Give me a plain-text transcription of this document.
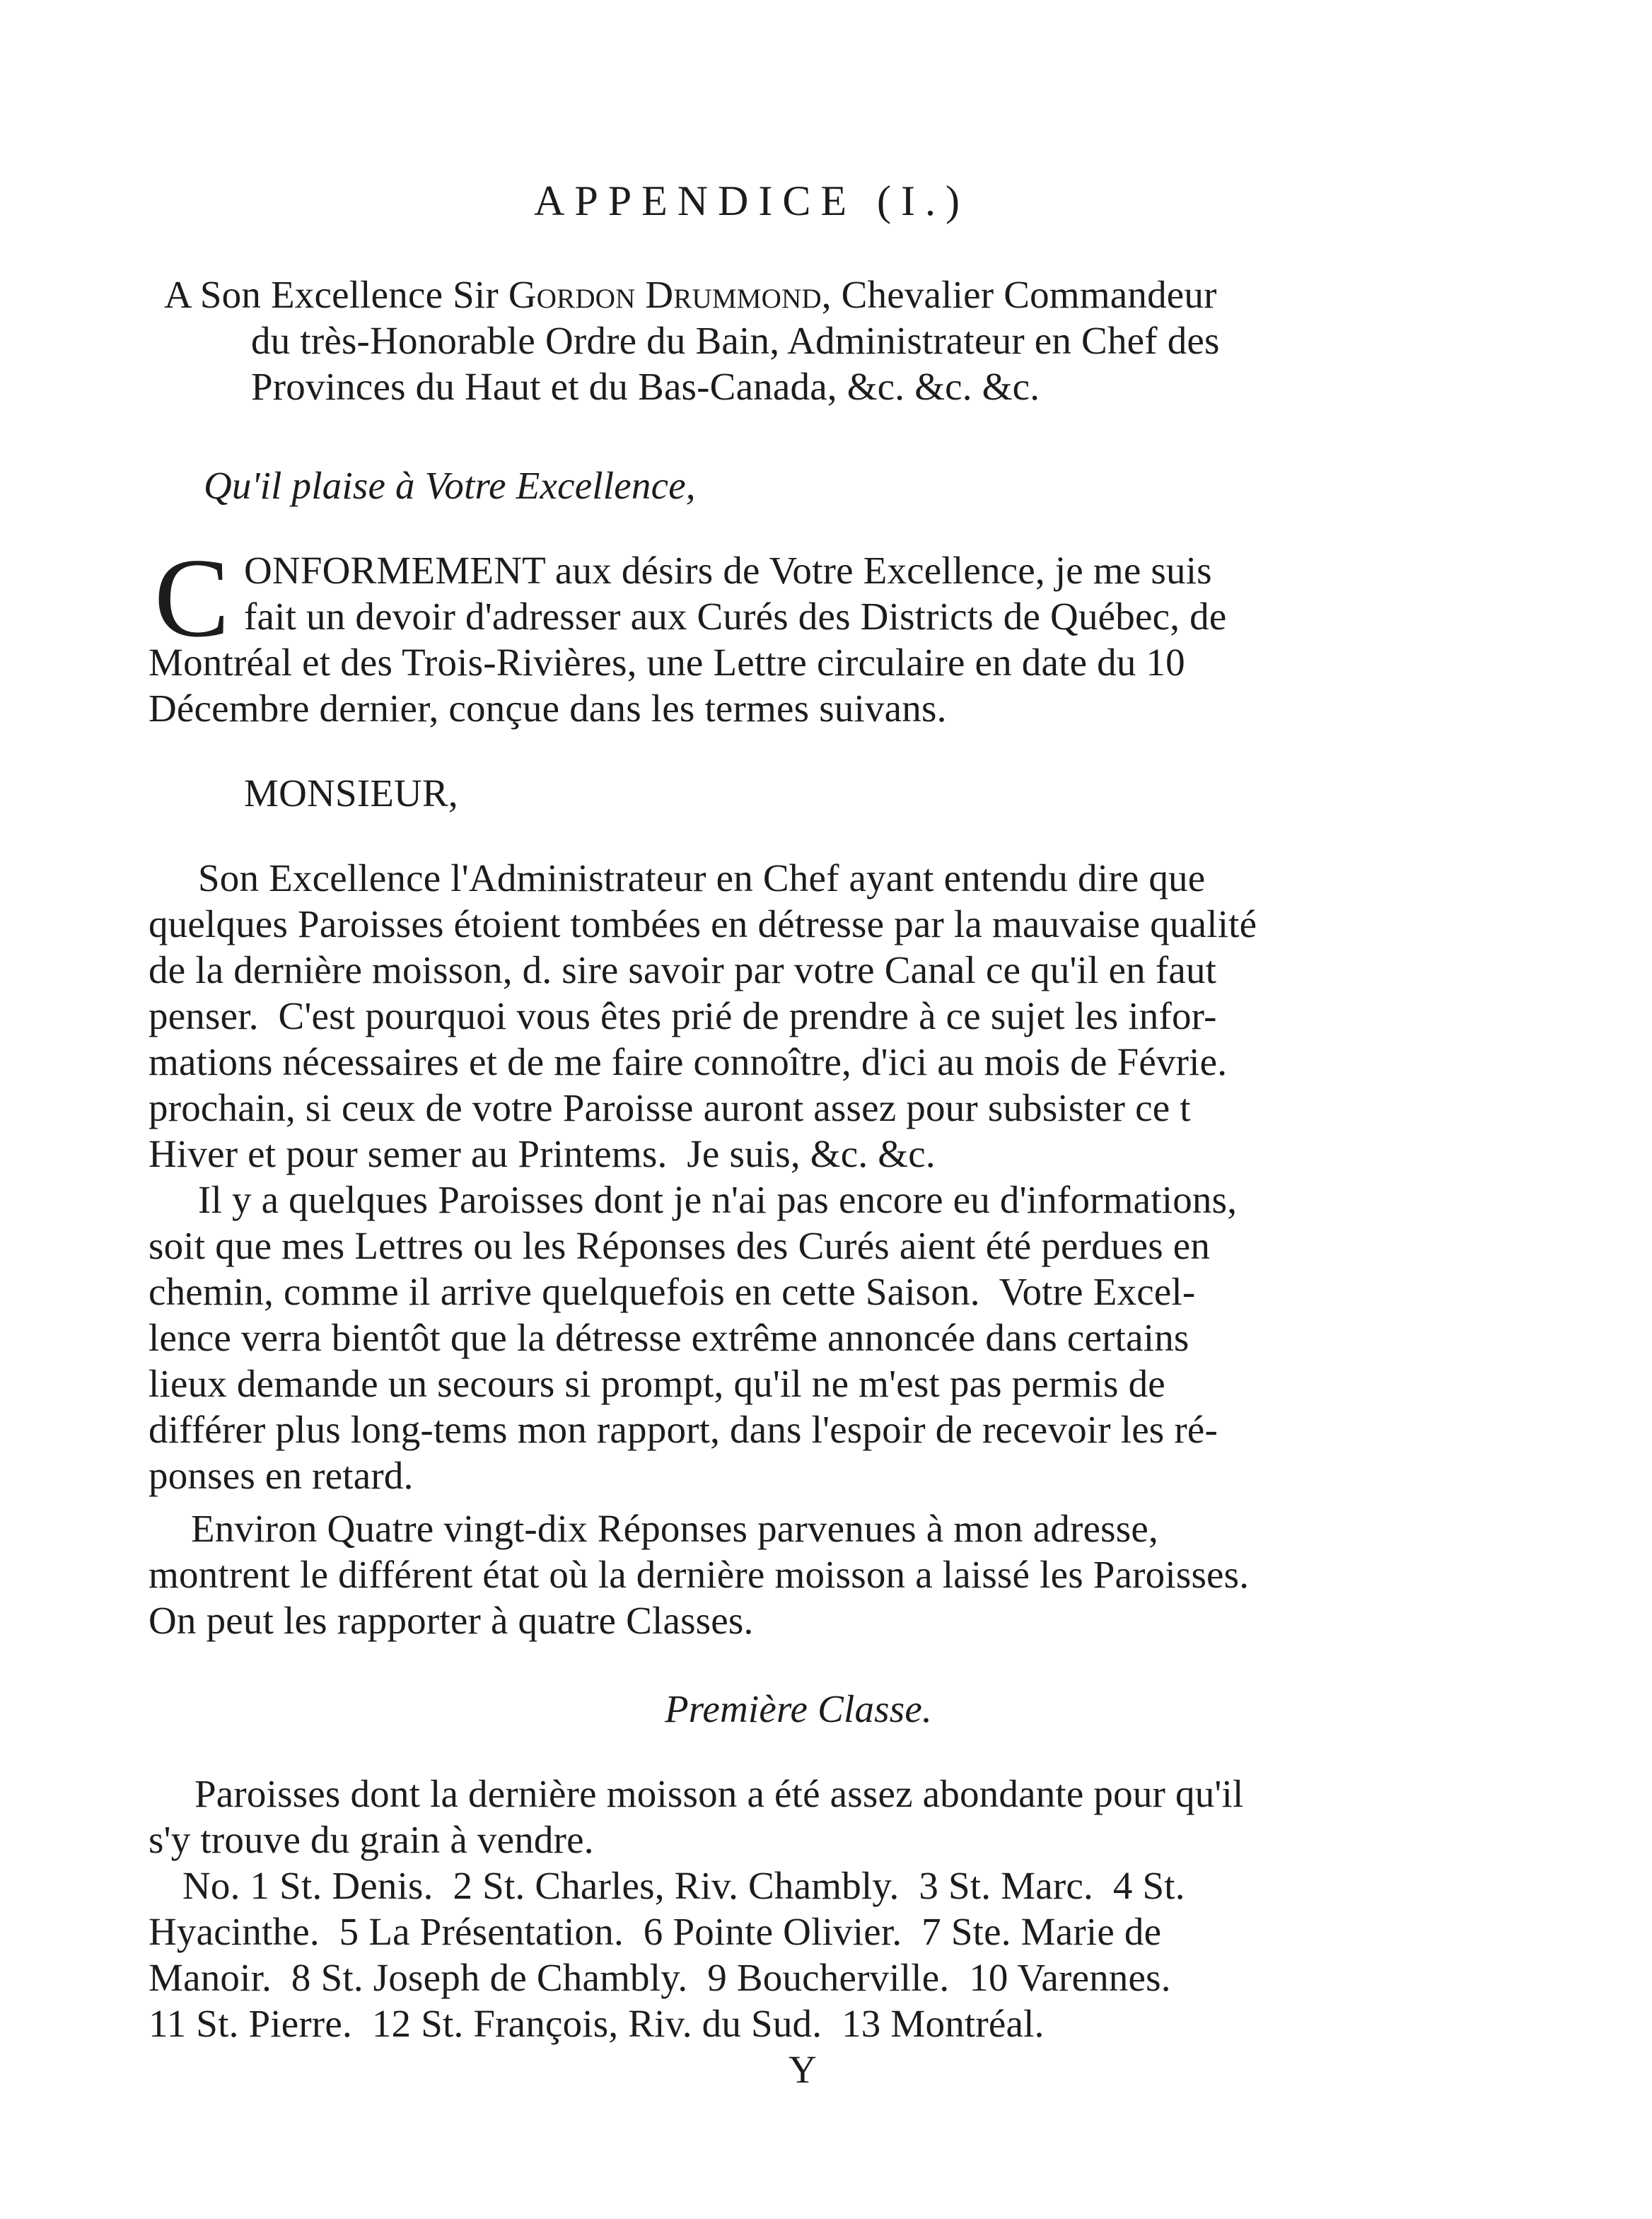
APPENDICE (I.)
A Son Excellence Sir Gordon Drummond, Chevalier Commandeur
du très-Honorable Ordre du Bain, Administrateur en Chef des
Provinces du Haut et du Bas-Canada, &c. &c. &c.
Qu'il plaise à Votre Excellence,
C ONFORMEMENT aux désirs de Votre Excellence, je me suis
fait un devoir d'adresser aux Curés des Districts de Québec, de
Montréal et des Trois-Rivières, une Lettre circulaire en date du 10
Décembre dernier, conçue dans les termes suivans.
MONSIEUR,
Son Excellence l'Administrateur en Chef ayant entendu dire que
quelques Paroisses étoient tombées en détresse par la mauvaise qualité
de la dernière moisson, d. sire savoir par votre Canal ce qu'il en faut
penser.  C'est pourquoi vous êtes prié de prendre à ce sujet les infor-
mations nécessaires et de me faire connoître, d'ici au mois de Févrie.
prochain, si ceux de votre Paroisse auront assez pour subsister ce t
Hiver et pour semer au Printems.  Je suis, &c. &c.
Il y a quelques Paroisses dont je n'ai pas encore eu d'informations,
soit que mes Lettres ou les Réponses des Curés aient été perdues en
chemin, comme il arrive quelquefois en cette Saison.  Votre Excel-
lence verra bientôt que la détresse extrême annoncée dans certains
lieux demande un secours si prompt, qu'il ne m'est pas permis de
différer plus long-tems mon rapport, dans l'espoir de recevoir les ré-
ponses en retard.
Environ Quatre vingt-dix Réponses parvenues à mon adresse,
montrent le différent état où la dernière moisson a laissé les Paroisses.
On peut les rapporter à quatre Classes.
Première Classe.
Paroisses dont la dernière moisson a été assez abondante pour qu'il
s'y trouve du grain à vendre.
No. 1 St. Denis.  2 St. Charles, Riv. Chambly.  3 St. Marc.  4 St.
Hyacinthe.  5 La Présentation.  6 Pointe Olivier.  7 Ste. Marie de
Manoir.  8 St. Joseph de Chambly.  9 Boucherville.  10 Varennes.
11 St. Pierre.  12 St. François, Riv. du Sud.  13 Montréal.
Y
